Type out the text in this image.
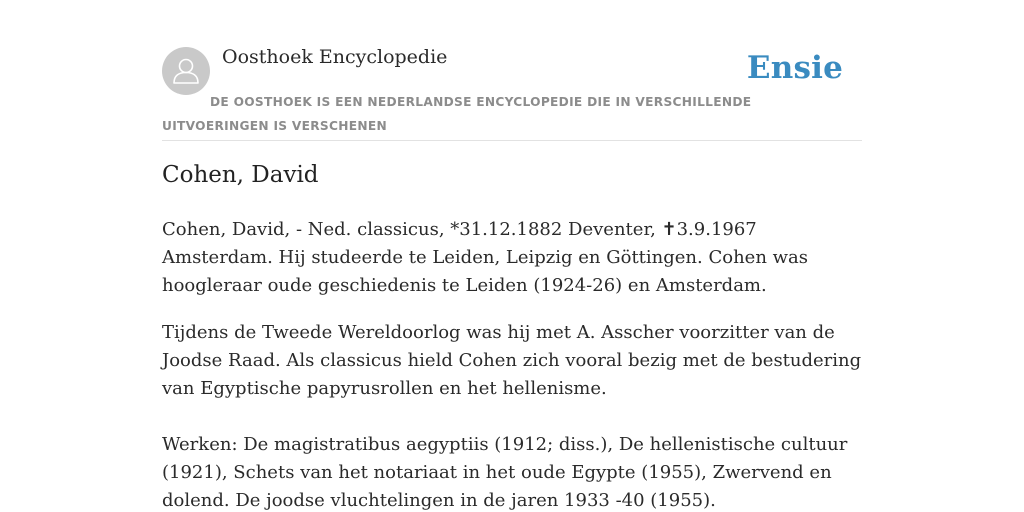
Oosthoek Encyclopedie	Ensie
DE OOSTHOEK IS EEN NEDERLANDSE ENCYCLOPEDIE DIE IN VERSCHILLENDE UITVOERINGEN IS VERSCHENEN
Cohen, David

Cohen, David, - Ned. classicus, *31.12.1882 Deventer, ✝3.9.1967 Amsterdam. Hij studeerde te Leiden, Leipzig en Göttingen. Cohen was hoogleraar oude geschiedenis te Leiden (1924-26) en Amsterdam.

Tijdens de Tweede Wereldoorlog was hij met A. Asscher voorzitter van de Joodse Raad. Als classicus hield Cohen zich vooral bezig met de bestudering van Egyptische papyrusrollen en het hellenisme.

Werken: De magistratibus aegyptiis (1912; diss.), De hellenistische cultuur (1921), Schets van het notariaat in het oude Egypte (1955), Zwervend en dolend. De joodse vluchtelingen in de jaren 1933 -40 (1955).
